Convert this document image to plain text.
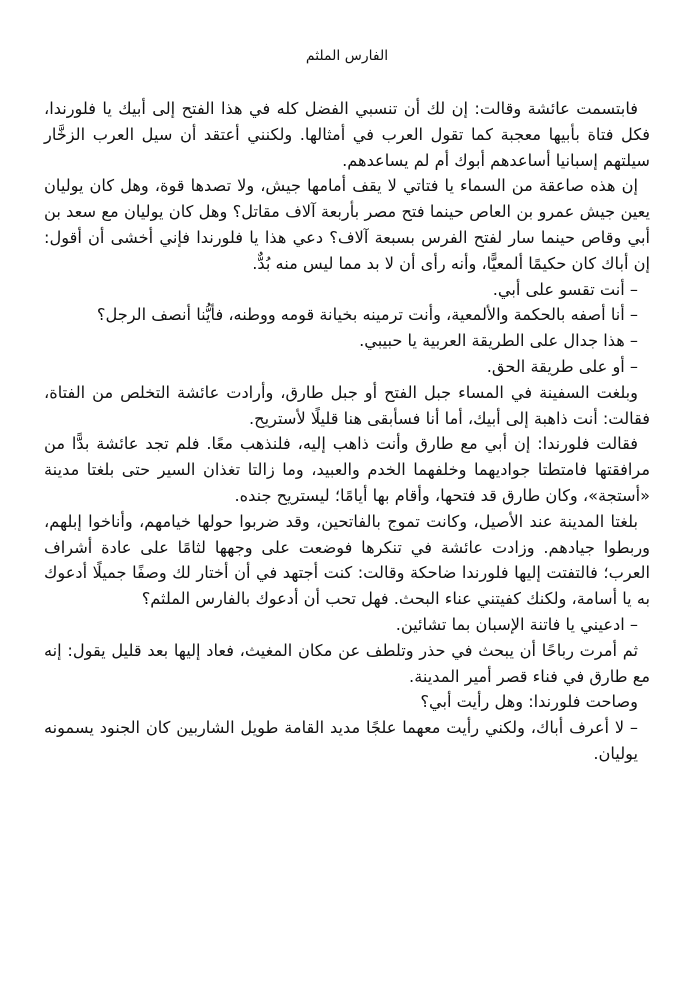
الفارس الملثم

فابتسمت عائشة وقالت: إن لك أن تنسبي الفضل كله في هذا الفتح إلى أبيك يا فلورندا، فكل فتاة بأبيها معجبة كما تقول العرب في أمثالها. ولكنني أعتقد أن سيل العرب الزخَّار سيلتهم إسبانيا أساعدهم أبوك أم لم يساعدهم.

إن هذه صاعقة من السماء يا فتاتي لا يقف أمامها جيش، ولا تصدها قوة، وهل كان يوليان يعين جيش عمرو بن العاص حينما فتح مصر بأربعة آلاف مقاتل؟ وهل كان يوليان مع سعد بن أبي وقاص حينما سار لفتح الفرس بسبعة آلاف؟ دعي هذا يا فلورندا فإني أخشى أن أقول: إن أباك كان حكيمًا ألمعيًّا، وأنه رأى أن لا بد مما ليس منه بُدٌّ.

– أنت تقسو على أبي.

– أنا أصفه بالحكمة والألمعية، وأنت ترمينه بخيانة قومه ووطنه، فأيُّنا أنصف الرجل؟

– هذا جدال على الطريقة العربية يا حبيبي.

– أو على طريقة الحق.

وبلغت السفينة في المساء جبل الفتح أو جبل طارق، وأرادت عائشة التخلص من الفتاة، فقالت: أنت ذاهبة إلى أبيك، أما أنا فسأبقى هنا قليلًا لأستريح.

فقالت فلورندا: إن أبي مع طارق وأنت ذاهب إليه، فلنذهب معًا. فلم تجد عائشة بدًّا من مرافقتها فامتطتا جواديهما وخلفهما الخدم والعبيد، وما زالتا تغذان السير حتى بلغتا مدينة «أستجة»، وكان طارق قد فتحها، وأقام بها أيامًا؛ ليستريح جنده.

بلغتا المدينة عند الأصيل، وكانت تموج بالفاتحين، وقد ضربوا حولها خيامهم، وأناخوا إبلهم، وربطوا جيادهم. وزادت عائشة في تنكرها فوضعت على وجهها لثامًا على عادة أشراف العرب؛ فالتفتت إليها فلورندا ضاحكة وقالت: كنت أجتهد في أن أختار لك وصفًا جميلًا أدعوك به يا أسامة، ولكنك كفيتني عناء البحث. فهل تحب أن أدعوك بالفارس الملثم؟

– ادعيني يا فاتنة الإسبان بما تشائين.

ثم أمرت رباحًا أن يبحث في حذر وتلطف عن مكان المغيث، فعاد إليها بعد قليل يقول: إنه مع طارق في فناء قصر أمير المدينة.

وصاحت فلورندا: وهل رأيت أبي؟

– لا أعرف أباك، ولكني رأيت معهما علجًا مديد القامة طويل الشاربين كان الجنود يسمونه يوليان.
